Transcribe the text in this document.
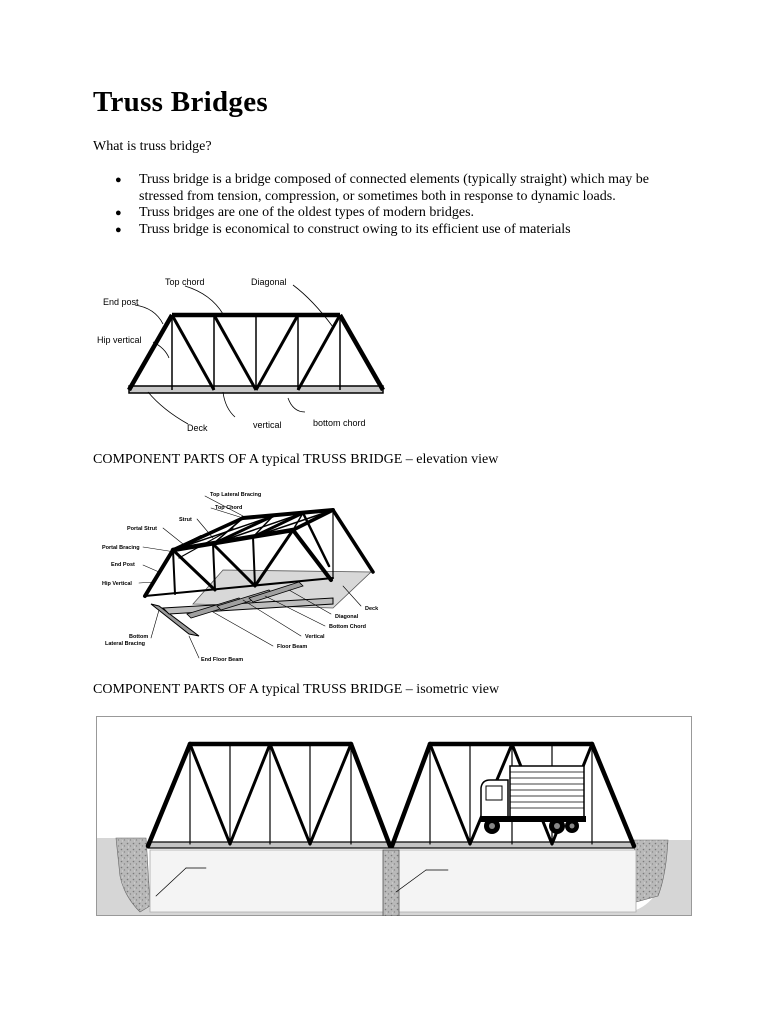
Truss Bridges
What is truss bridge?
● Truss bridge is a bridge composed of connected elements (typically straight) which may be stressed from tension, compression, or sometimes both in response to dynamic loads.
● Truss bridges are one of the oldest types of modern bridges.
● Truss bridge is economical to construct owing to its efficient use of materials
Top chord	Diagonal
End post
Hip vertical
Deck	vertical	bottom chord
COMPONENT PARTS OF A typical TRUSS BRIDGE – elevation view
Top Lateral Bracing
Top Chord
Strut
Portal Strut
Portal Bracing
End Post
Hip Vertical
Deck
Diagonal
Bottom Chord
Vertical
Floor Beam
End Floor Beam
Bottom
Lateral Bracing
COMPONENT PARTS OF A typical TRUSS BRIDGE – isometric view
